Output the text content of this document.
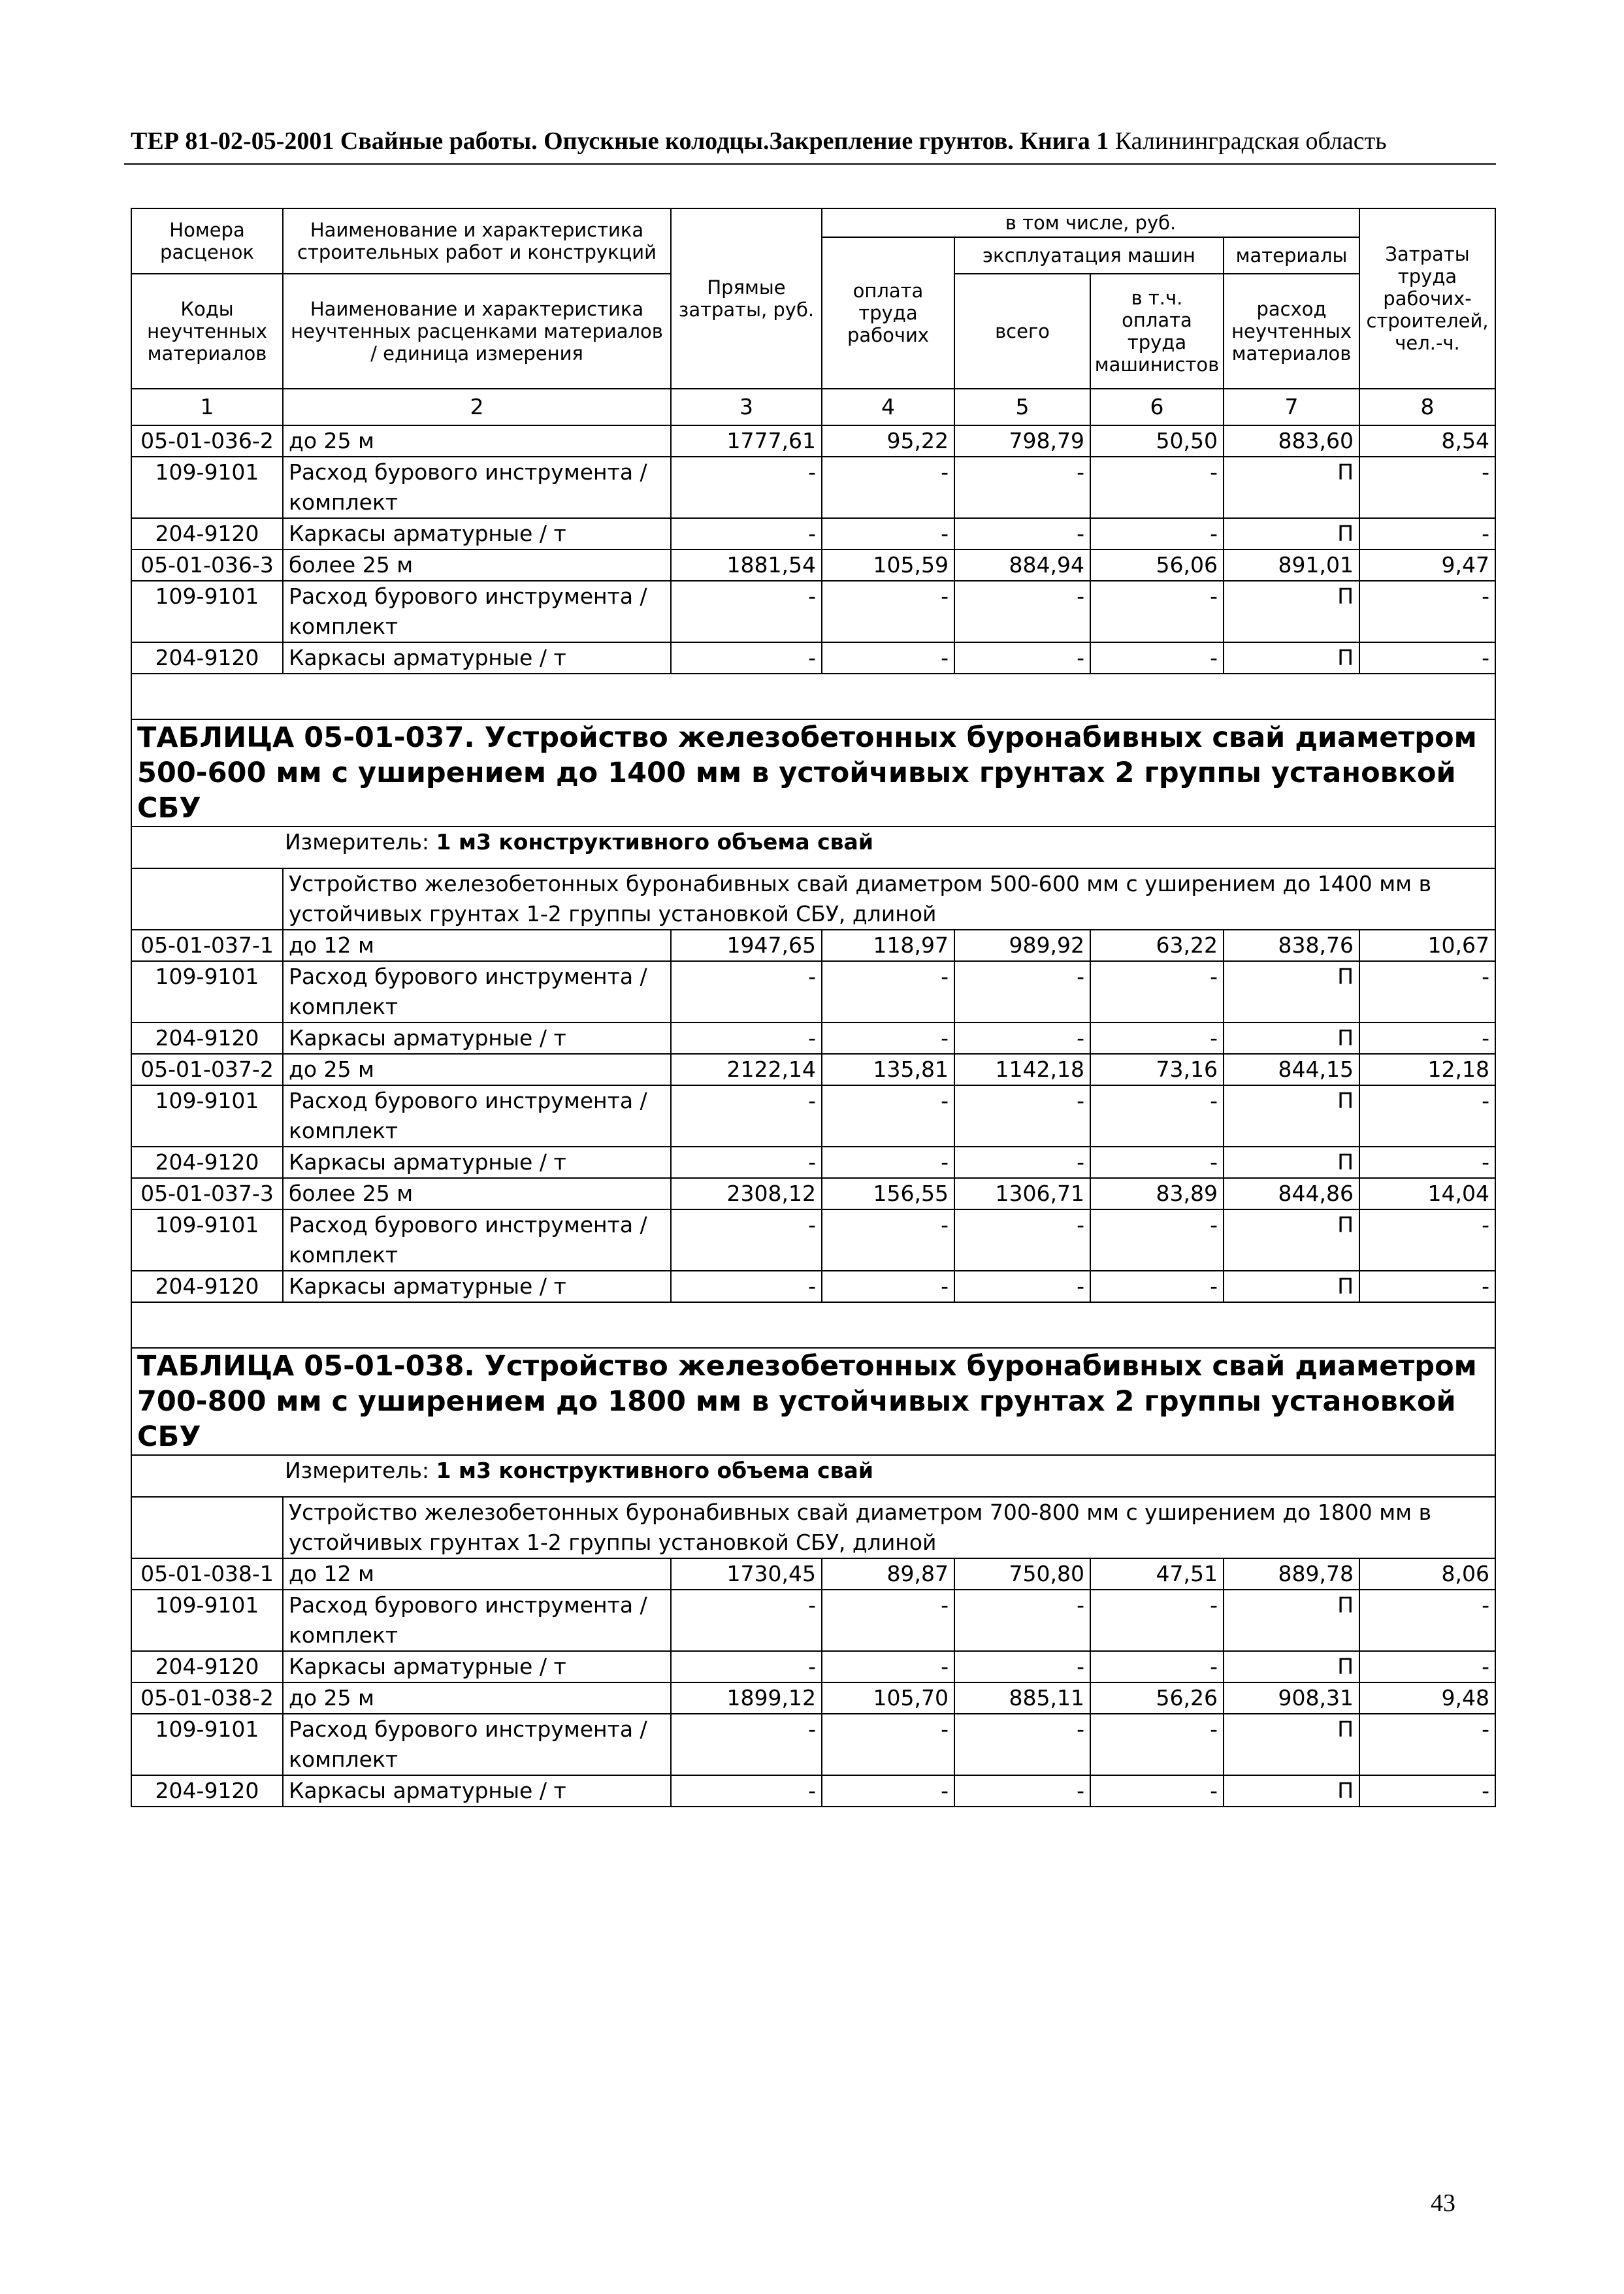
ТЕР 81-02-05-2001 Свайные работы. Опускные колодцы.Закрепление грунтов. Книга 1 Калининградская область
Номера расценок	Наименование и характеристика строительных работ и конструкций	Прямые затраты, руб.	в том числе, руб.				Затраты труда рабочих-строителей, чел.-ч.
			оплата труда рабочих	эксплуатация машин		материалы	
Коды неучтенных материалов	Наименование и характеристика неучтенных расценками материалов / единица измерения			всего	в т.ч. оплата труда машинистов	расход неучтенных материалов	

1	2	3	4	5	6	7	8
05-01-036-2	до 25 м	1777,61	95,22	798,79	50,50	883,60	8,54
109-9101	Расход бурового инструмента / комплект	-	-	-	-	П	-
204-9120	Каркасы арматурные / т	-	-	-	-	П	-
05-01-036-3	более 25 м	1881,54	105,59	884,94	56,06	891,01	9,47
109-9101	Расход бурового инструмента / комплект	-	-	-	-	П	-
204-9120	Каркасы арматурные / т	-	-	-	-	П	-

ТАБЛИЦА 05-01-037. Устройство железобетонных буронабивных свай диаметром 500-600 мм с уширением до 1400 мм в устойчивых грунтах 2 группы установкой СБУ							

Измеритель: 1 м3 конструктивного объема свай							

	Устройство железобетонных буронабивных свай диаметром 500-600 мм с уширением до 1400 мм в устойчивых грунтах 1-2 группы установкой СБУ, длиной						
05-01-037-1	до 12 м	1947,65	118,97	989,92	63,22	838,76	10,67
109-9101	Расход бурового инструмента / комплект	-	-	-	-	П	-
204-9120	Каркасы арматурные / т	-	-	-	-	П	-
05-01-037-2	до 25 м	2122,14	135,81	1142,18	73,16	844,15	12,18
109-9101	Расход бурового инструмента / комплект	-	-	-	-	П	-
204-9120	Каркасы арматурные / т	-	-	-	-	П	-
05-01-037-3	более 25 м	2308,12	156,55	1306,71	83,89	844,86	14,04
109-9101	Расход бурового инструмента / комплект	-	-	-	-	П	-
204-9120	Каркасы арматурные / т	-	-	-	-	П	-

ТАБЛИЦА 05-01-038. Устройство железобетонных буронабивных свай диаметром 700-800 мм с уширением до 1800 мм в устойчивых грунтах 2 группы установкой СБУ							

Измеритель: 1 м3 конструктивного объема свай							

	Устройство железобетонных буронабивных свай диаметром 700-800 мм с уширением до 1800 мм в устойчивых грунтах 1-2 группы установкой СБУ, длиной						
05-01-038-1	до 12 м	1730,45	89,87	750,80	47,51	889,78	8,06
109-9101	Расход бурового инструмента / комплект	-	-	-	-	П	-
204-9120	Каркасы арматурные / т	-	-	-	-	П	-
05-01-038-2	до 25 м	1899,12	105,70	885,11	56,26	908,31	9,48
109-9101	Расход бурового инструмента / комплект	-	-	-	-	П	-
204-9120	Каркасы арматурные / т	-	-	-	-	П	-
43
